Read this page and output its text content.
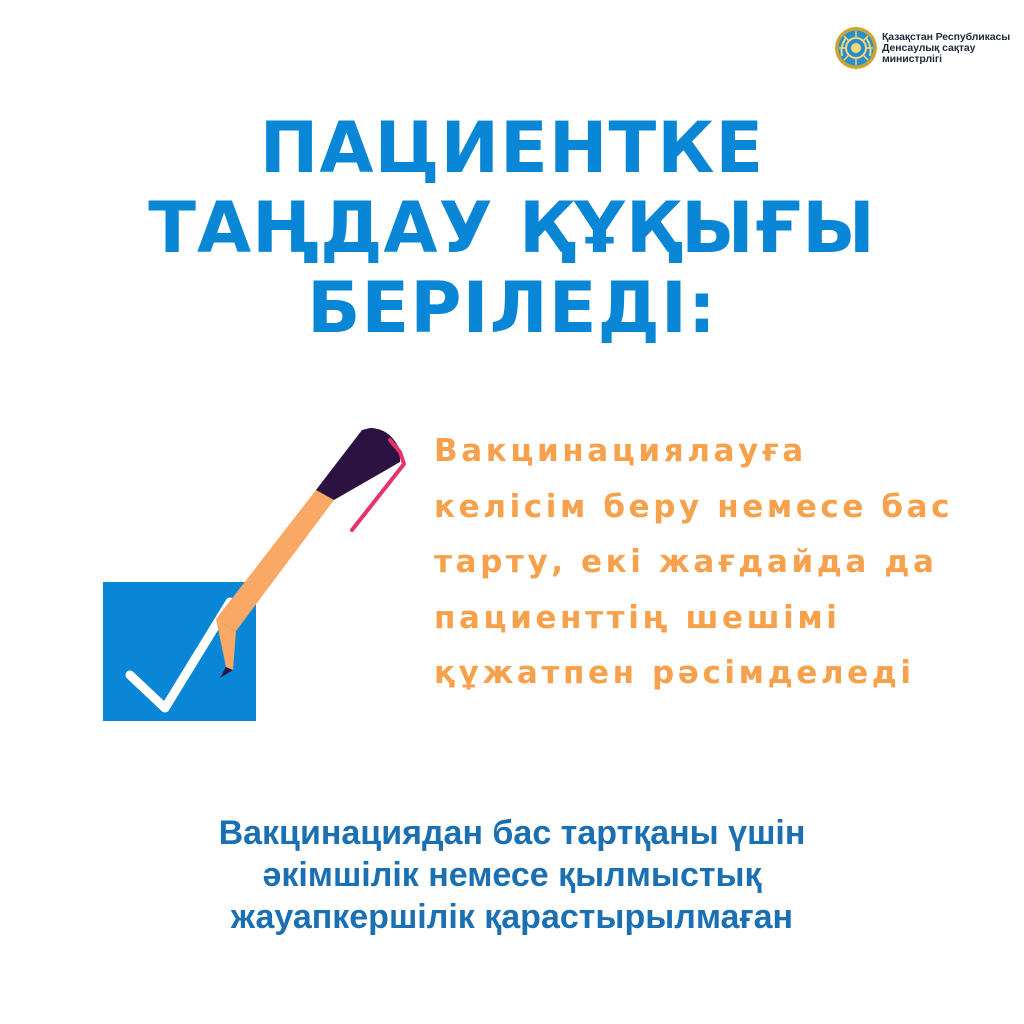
Қазақстан Республикасы
Денсаулық сақтау
министрлігі
ПАЦИЕНТКЕ
ТАҢДАУ ҚҰҚЫҒЫ
БЕРІЛЕДІ:
Вакцинациялауға
келісім беру немесе бас
тарту, екі жағдайда да
пациенттің шешімі
құжатпен рәсімделеді
Вакцинациядан бас тартқаны үшін
әкімшілік немесе қылмыстық
жауапкершілік қарастырылмаған
